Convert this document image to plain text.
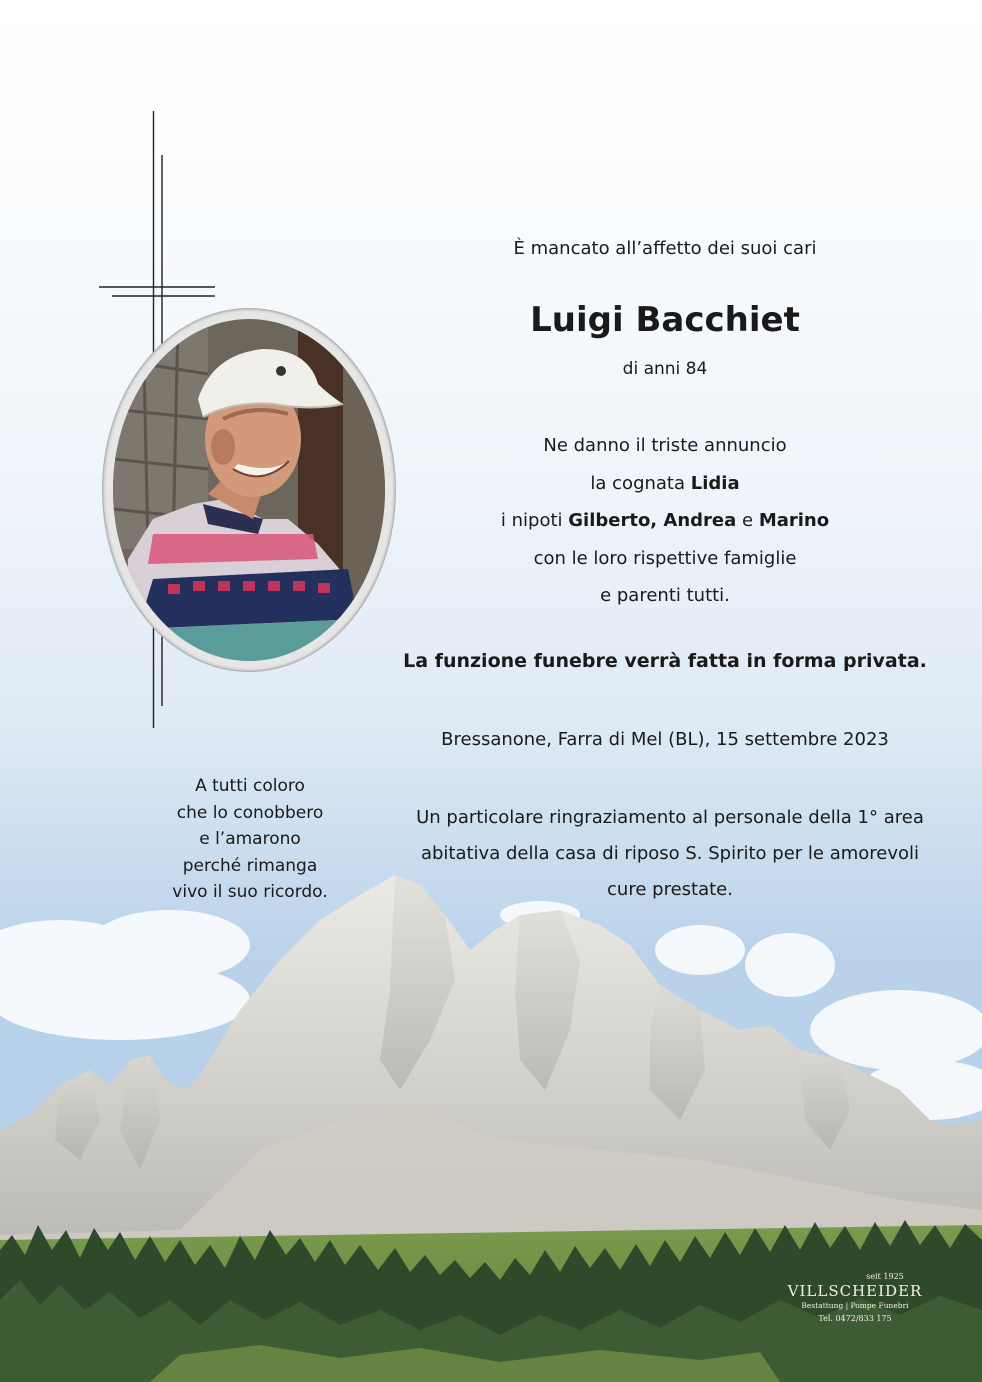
È mancato all’affetto dei suoi cari
Luigi Bacchiet
di anni 84
Ne danno il triste annuncio
la cognata Lidia
i nipoti Gilberto, Andrea e Marino
con le loro rispettive famiglie
e parenti tutti.
La funzione funebre verrà fatta in forma privata.
Bressanone, Farra di Mel (BL), 15 settembre 2023
Un particolare ringraziamento al personale della 1° area
abitativa della casa di riposo S. Spirito per le amorevoli
cure prestate.
A tutti coloro
che lo conobbero
e l’amarono
perché rimanga
vivo il suo ricordo.
seit 1925
VILLSCHEIDER
Bestattung | Pompe Funebri
Tel. 0472/833 175
